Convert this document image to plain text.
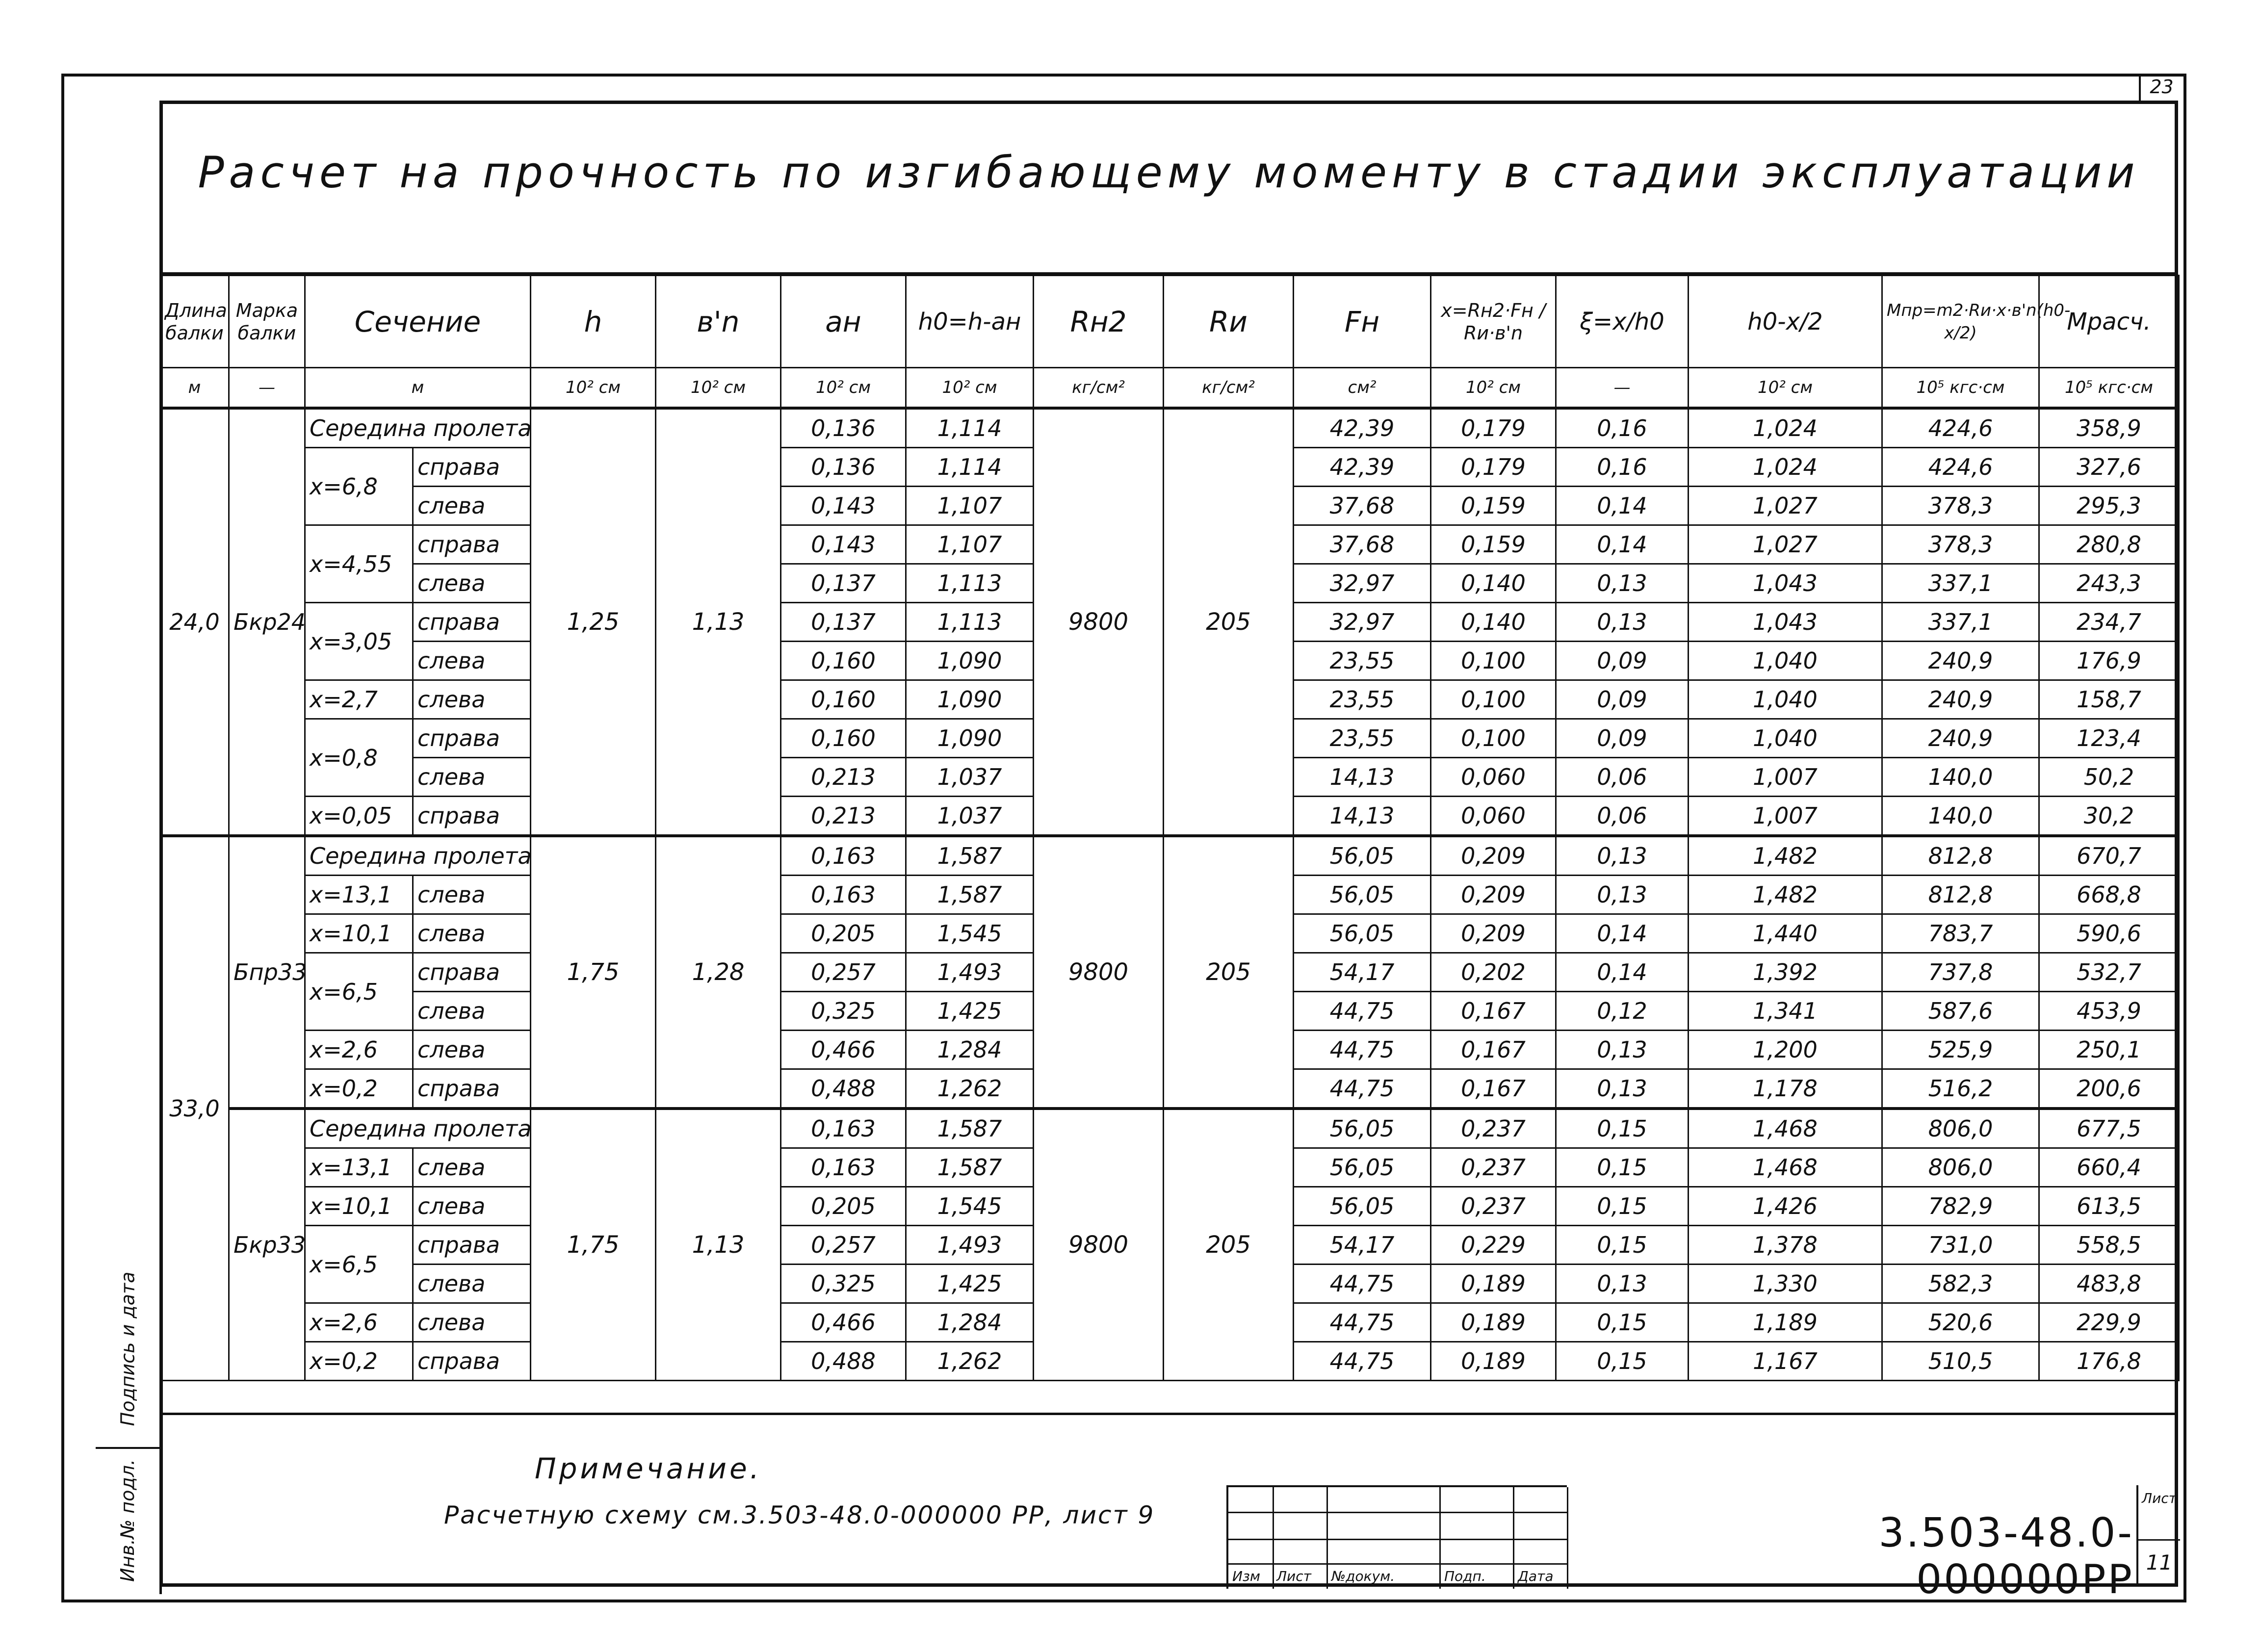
23
Подпись и дата
Инв.№ подл.
Расчет на прочность по изгибающему моменту в стадии эксплуатации
Длина балки	Марка балки	Сечение		h	в'n	aн	h0=h-aн	Rн2	Rи	Fн	x=Rн2·Fн / Rи·в'n	ξ=x/h0	h0-x/2	Mпр=m2·Rи·x·в'n(h0-x/2)	Mрасч.
м	—	м		10² см	10² см	10² см	10² см	кг/см²	кг/см²	см²	10² см	—	10² см	10⁵ кгс·см	10⁵ кгс·см
24,0	Бкр24	Середина пролета		1,25	1,13	0,136	1,114	9800	205	42,39	0,179	0,16	1,024	424,6	358,9
		x=6,8	справа			0,136	1,114			42,39	0,179	0,16	1,024	424,6	327,6
			слева			0,143	1,107			37,68	0,159	0,14	1,027	378,3	295,3
		x=4,55	справа			0,143	1,107			37,68	0,159	0,14	1,027	378,3	280,8
			слева			0,137	1,113			32,97	0,140	0,13	1,043	337,1	243,3
		x=3,05	справа			0,137	1,113			32,97	0,140	0,13	1,043	337,1	234,7
			слева			0,160	1,090			23,55	0,100	0,09	1,040	240,9	176,9
		x=2,7	слева			0,160	1,090			23,55	0,100	0,09	1,040	240,9	158,7
		x=0,8	справа			0,160	1,090			23,55	0,100	0,09	1,040	240,9	123,4
			слева			0,213	1,037			14,13	0,060	0,06	1,007	140,0	50,2
		x=0,05	справа			0,213	1,037			14,13	0,060	0,06	1,007	140,0	30,2
33,0	Бпр33	Середина пролета		1,75	1,28	0,163	1,587	9800	205	56,05	0,209	0,13	1,482	812,8	670,7
		x=13,1	слева			0,163	1,587			56,05	0,209	0,13	1,482	812,8	668,8
		x=10,1	слева			0,205	1,545			56,05	0,209	0,14	1,440	783,7	590,6
		x=6,5	справа			0,257	1,493			54,17	0,202	0,14	1,392	737,8	532,7
			слева			0,325	1,425			44,75	0,167	0,12	1,341	587,6	453,9
		x=2,6	слева			0,466	1,284			44,75	0,167	0,13	1,200	525,9	250,1
		x=0,2	справа			0,488	1,262			44,75	0,167	0,13	1,178	516,2	200,6
	Бкр33	Середина пролета		1,75	1,13	0,163	1,587	9800	205	56,05	0,237	0,15	1,468	806,0	677,5
		x=13,1	слева			0,163	1,587			56,05	0,237	0,15	1,468	806,0	660,4
		x=10,1	слева			0,205	1,545			56,05	0,237	0,15	1,426	782,9	613,5
		x=6,5	справа			0,257	1,493			54,17	0,229	0,15	1,378	731,0	558,5
			слева			0,325	1,425			44,75	0,189	0,13	1,330	582,3	483,8
		x=2,6	слева			0,466	1,284			44,75	0,189	0,15	1,189	520,6	229,9
		x=0,2	справа			0,488	1,262			44,75	0,189	0,15	1,167	510,5	176,8
Примечание.
Расчетную схему см.3.503-48.0-000000 РР, лист 9
Изм Лист №докум.	Подп. Дата
3.503-48.0-000000РР
Лист
11
